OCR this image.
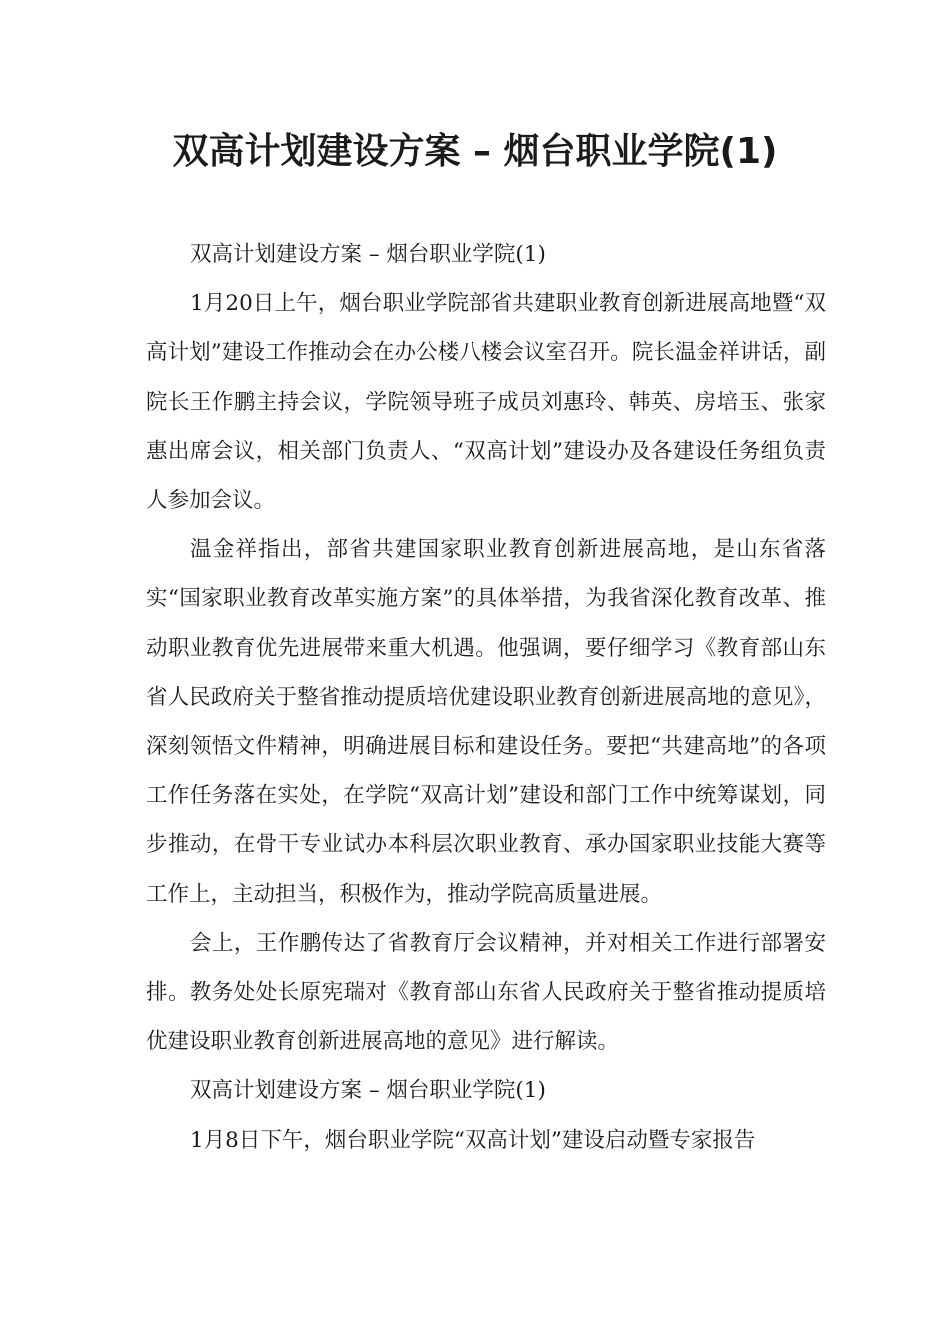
双高计划建设方案 – 烟台职业学院(1)

双高计划建设方案 – 烟台职业学院(1)

1月20日上午，烟台职业学院部省共建职业教育创新进展高地暨“双高计划”建设工作推动会在办公楼八楼会议室召开。院长温金祥讲话，副院长王作鹏主持会议，学院领导班子成员刘惠玲、韩英、房培玉、张家惠出席会议，相关部门负责人、“双高计划”建设办及各建设任务组负责人参加会议。

温金祥指出，部省共建国家职业教育创新进展高地，是山东省落实“国家职业教育改革实施方案”的具体举措，为我省深化教育改革、推动职业教育优先进展带来重大机遇。他强调，要仔细学习《教育部山东省人民政府关于整省推动提质培优建设职业教育创新进展高地的意见》，深刻领悟文件精神，明确进展目标和建设任务。要把“共建高地”的各项工作任务落在实处，在学院“双高计划”建设和部门工作中统筹谋划，同步推动，在骨干专业试办本科层次职业教育、承办国家职业技能大赛等工作上，主动担当，积极作为，推动学院高质量进展。

会上，王作鹏传达了省教育厅会议精神，并对相关工作进行部署安排。教务处处长原宪瑞对《教育部山东省人民政府关于整省推动提质培优建设职业教育创新进展高地的意见》进行解读。

双高计划建设方案 – 烟台职业学院(1)

1月8日下午，烟台职业学院“双高计划”建设启动暨专家报告
